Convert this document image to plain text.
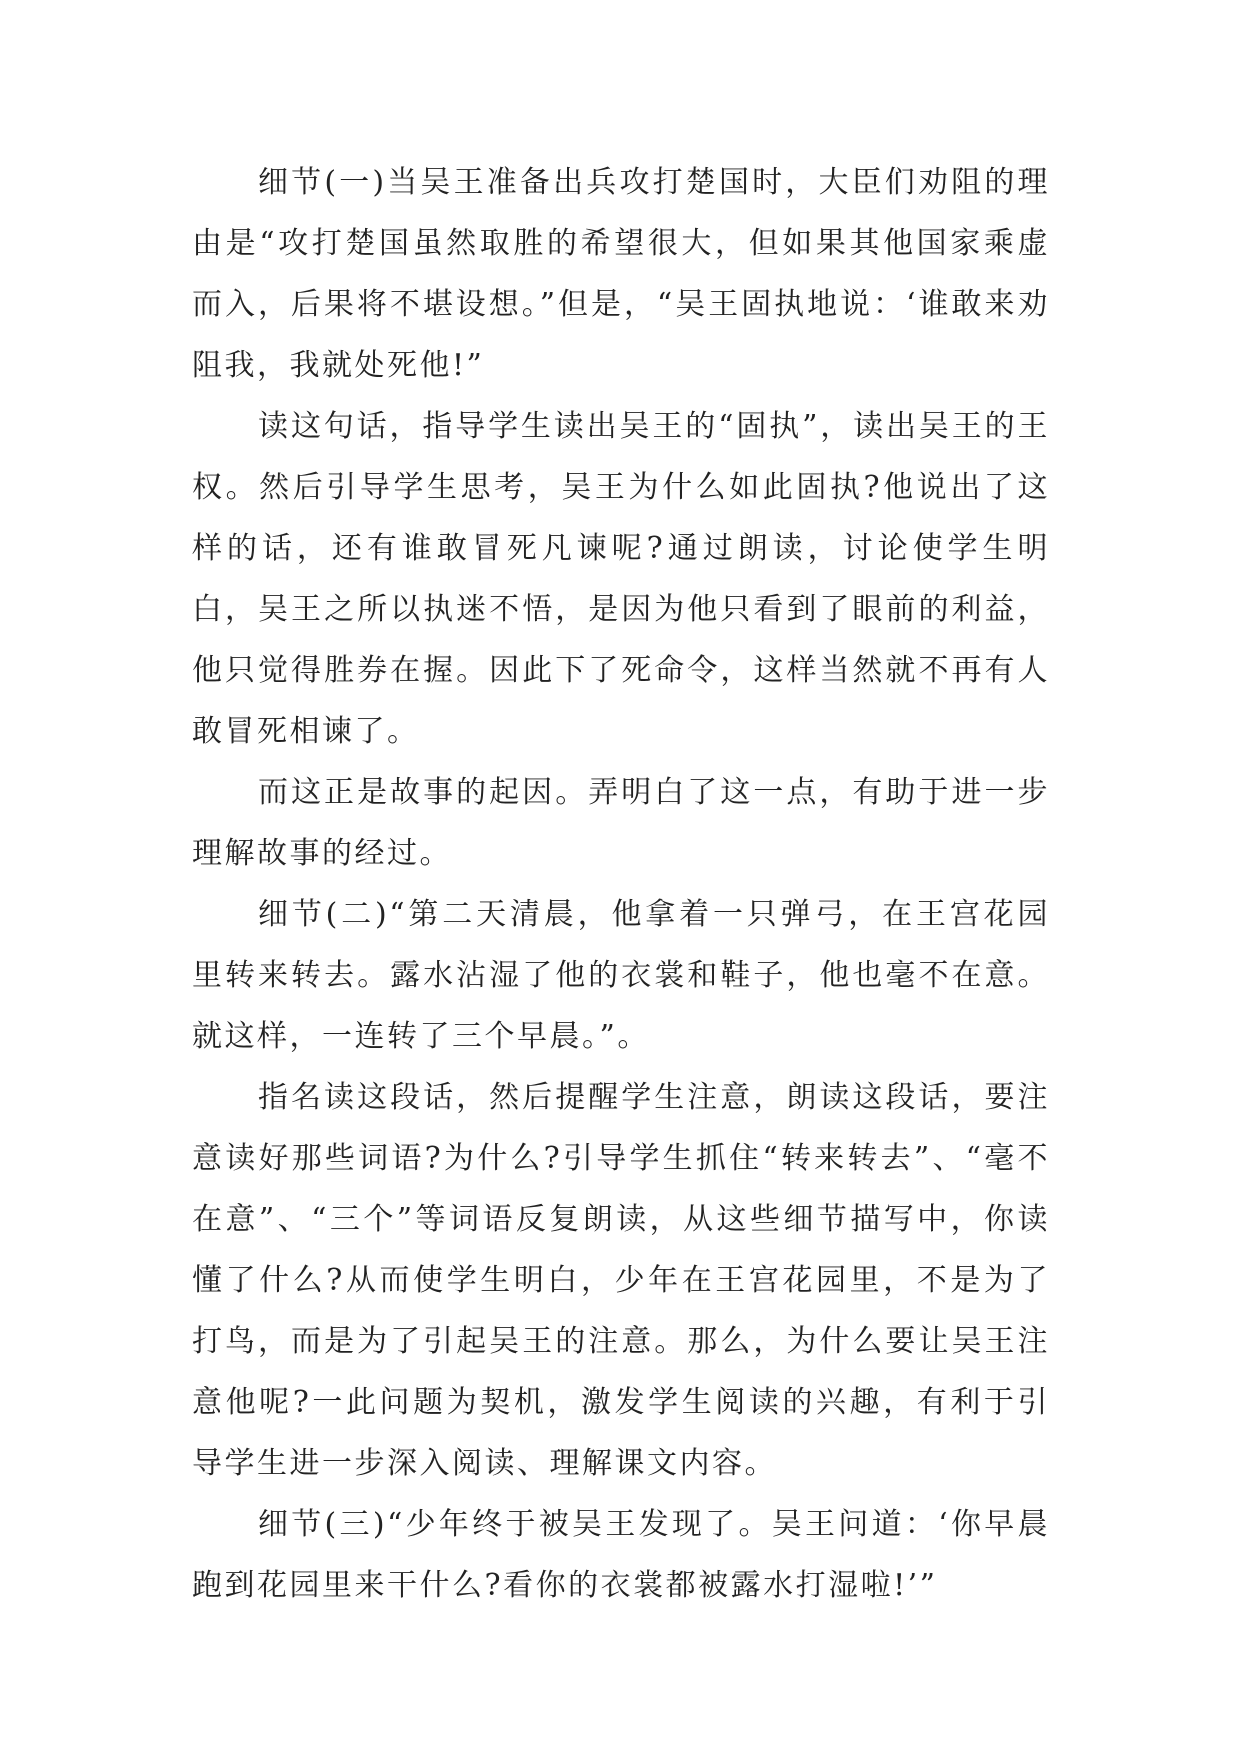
细节(一)当吴王准备出兵攻打楚国时，大臣们劝阻的理由是“攻打楚国虽然取胜的希望很大，但如果其他国家乘虚而入，后果将不堪设想。”但是，“吴王固执地说：‘谁敢来劝阻我，我就处死他!”

读这句话，指导学生读出吴王的“固执”，读出吴王的王权。然后引导学生思考，吴王为什么如此固执?他说出了这样的话，还有谁敢冒死凡谏呢?通过朗读，讨论使学生明白，吴王之所以执迷不悟，是因为他只看到了眼前的利益，他只觉得胜券在握。因此下了死命令，这样当然就不再有人敢冒死相谏了。

而这正是故事的起因。弄明白了这一点，有助于进一步理解故事的经过。

细节(二)“第二天清晨，他拿着一只弹弓，在王宫花园里转来转去。露水沾湿了他的衣裳和鞋子，他也毫不在意。就这样，一连转了三个早晨。”。

指名读这段话，然后提醒学生注意，朗读这段话，要注意读好那些词语?为什么?引导学生抓住“转来转去”、“毫不在意”、“三个”等词语反复朗读，从这些细节描写中，你读懂了什么?从而使学生明白，少年在王宫花园里，不是为了打鸟，而是为了引起吴王的注意。那么，为什么要让吴王注意他呢?一此问题为契机，激发学生阅读的兴趣，有利于引导学生进一步深入阅读、理解课文内容。

细节(三)“少年终于被吴王发现了。吴王问道：‘你早晨跑到花园里来干什么?看你的衣裳都被露水打湿啦!’”
